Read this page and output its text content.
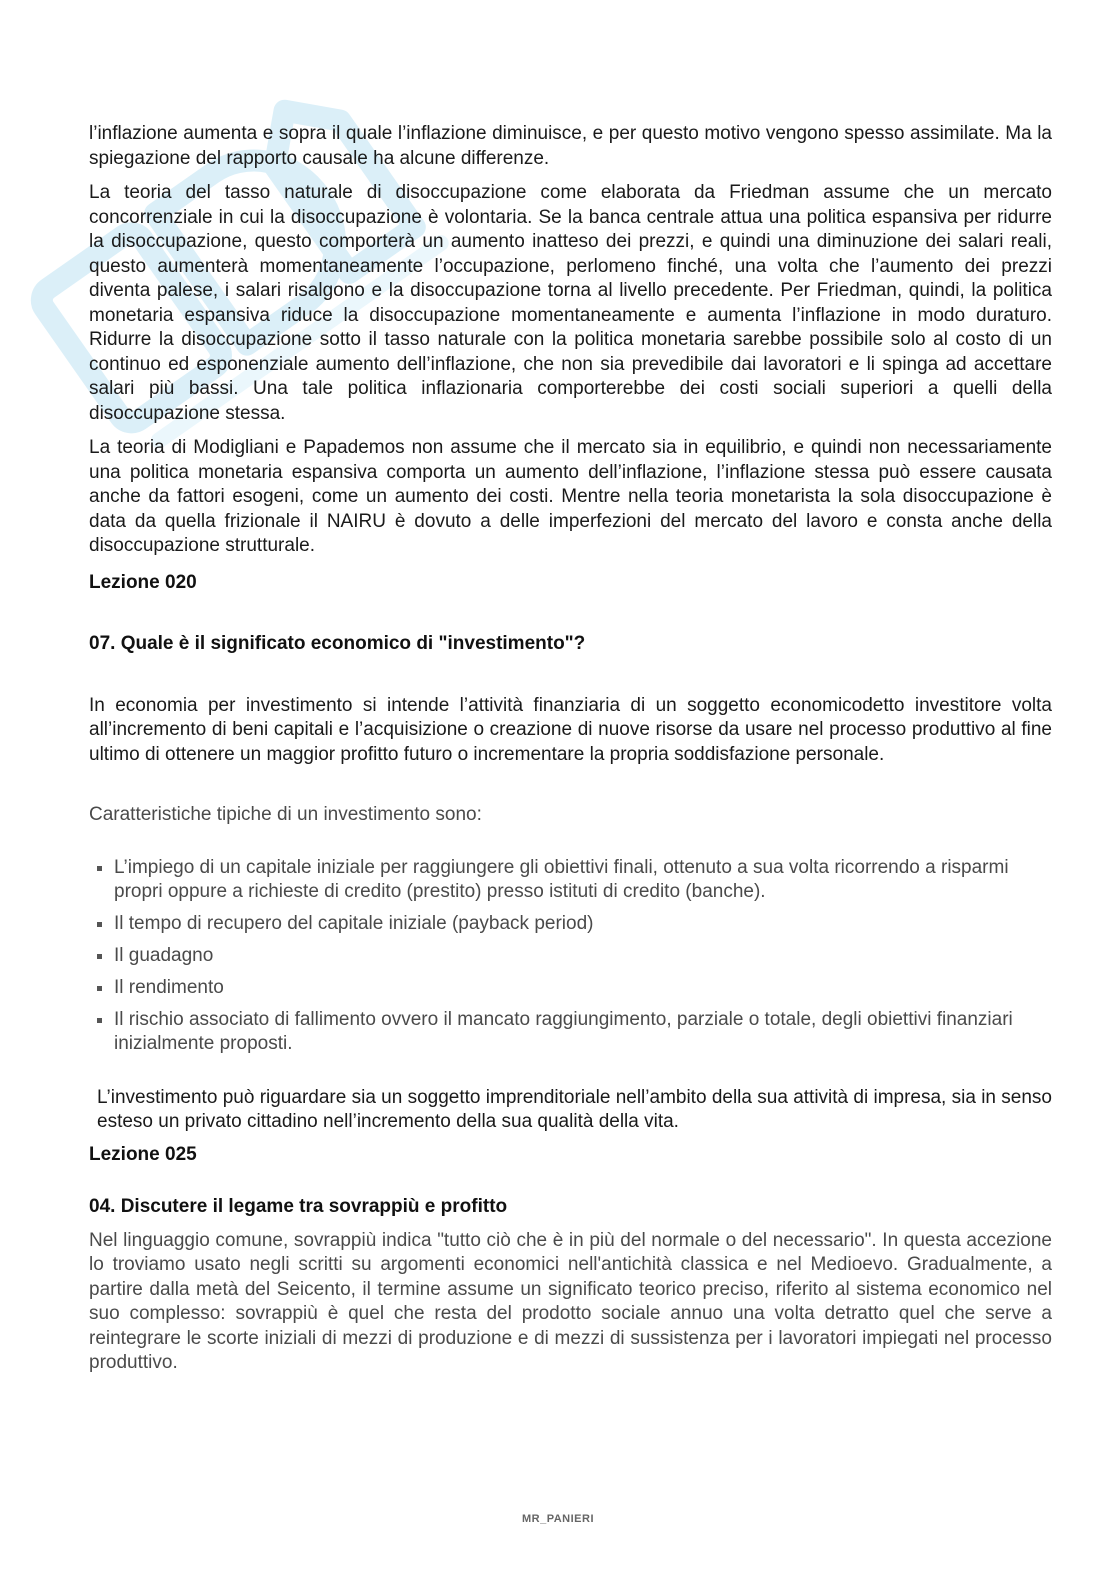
l’inflazione aumenta e sopra il quale l’inflazione diminuisce, e per questo motivo vengono spesso assimilate. Ma la spiegazione del rapporto causale ha alcune differenze.

La teoria del tasso naturale di disoccupazione come elaborata da Friedman assume che un mercato concorrenziale in cui la disoccupazione è volontaria. Se la banca centrale attua una politica espansiva per ridurre la disoccupazione, questo comporterà un aumento inatteso dei prezzi, e quindi una diminuzione dei salari reali, questo aumenterà momentaneamente l’occupazione, perlomeno finché, una volta che l’aumento dei prezzi diventa palese, i salari risalgono e la disoccupazione torna al livello precedente. Per Friedman, quindi, la politica monetaria espansiva riduce la disoccupazione momentaneamente e aumenta l’inflazione in modo duraturo. Ridurre la disoccupazione sotto il tasso naturale con la politica monetaria sarebbe possibile solo al costo di un continuo ed esponenziale aumento dell’inflazione, che non sia prevedibile dai lavoratori e li spinga ad accettare salari più bassi. Una tale politica inflazionaria comporterebbe dei costi sociali superiori a quelli della disoccupazione stessa.

La teoria di Modigliani e Papademos non assume che il mercato sia in equilibrio, e quindi non necessariamente una politica monetaria espansiva comporta un aumento dell’inflazione, l’inflazione stessa può essere causata anche da fattori esogeni, come un aumento dei costi. Mentre nella teoria monetarista la sola disoccupazione è data da quella frizionale il NAIRU è dovuto a delle imperfezioni del mercato del lavoro e consta anche della disoccupazione strutturale.

Lezione 020
07. Quale è il significato economico di "investimento"?

In economia per investimento si intende l’attività finanziaria di un soggetto economicodetto investitore volta all’incremento di beni capitali e l’acquisizione o creazione di nuove risorse da usare nel processo produttivo al fine ultimo di ottenere un maggior profitto futuro o incrementare la propria soddisfazione personale.

Caratteristiche tipiche di un investimento sono:

L’impiego di un capitale iniziale per raggiungere gli obiettivi finali, ottenuto a sua volta ricorrendo a risparmi propri oppure a richieste di credito (prestito) presso istituti di credito (banche).
Il tempo di recupero del capitale iniziale (payback period)
Il guadagno
Il rendimento
Il rischio associato di fallimento ovvero il mancato raggiungimento, parziale o totale, degli obiettivi finanziari inizialmente proposti.

L’investimento può riguardare sia un soggetto imprenditoriale nell’ambito della sua attività di impresa, sia in senso esteso un privato cittadino nell’incremento della sua qualità della vita.

Lezione 025
04. Discutere il legame tra sovrappiù e profitto

Nel linguaggio comune, sovrappiù indica "tutto ciò che è in più del normale o del necessario". In questa accezione lo troviamo usato negli scritti su argomenti economici nell'antichità classica e nel Medioevo. Gradualmente, a partire dalla metà del Seicento, il termine assume un significato teorico preciso, riferito al sistema economico nel suo complesso: sovrappiù è quel che resta del prodotto sociale annuo una volta detratto quel che serve a reintegrare le scorte iniziali di mezzi di produzione e di mezzi di sussistenza per i lavoratori impiegati nel processo produttivo.

MR_PANIERI
